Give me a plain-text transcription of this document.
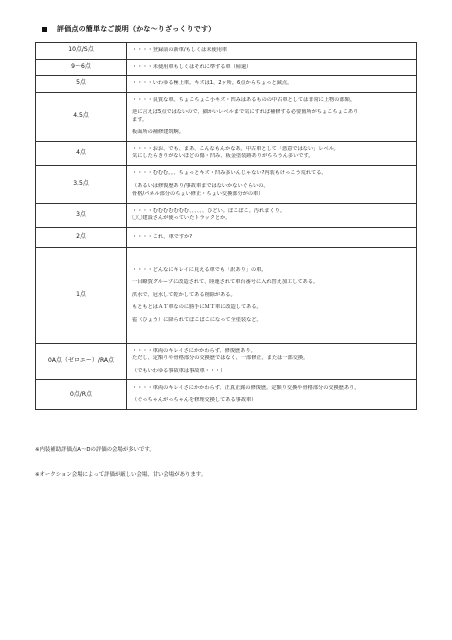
評価点の簡単なご説明（かな〜りざっくりです）
10点/S点	・・・・登録前の新車/もしくは未使用車

9〜6点	・・・・未使用車もしくはそれに準ずる車（帰還）

5点	・・・・いわゆる極上車。キズは1、2ヶ所。6点からちょっと減点。

4.5点	・・・・良質な車。ちょこちょこ小キズ・凹みはあるものの中古車としては非常に上物の部類。
逆に言えば5点ではないので、細かいレベルまで気にすれば補修する必要箇所がちょこちょこあり
ます。
板面所の補修建筑啊。

4点	・・・・おお、でも、まあ、こんなもんかなあ。中古車として「悪意ではない」レベル。
気にしたらきりがないほどの傷・凹み、板金塗装跡ありがちろうん多いです。

3.5点	・・・・むむむ。。、ちょっとキズ・凹み多いんじゃない?内装もけっこう荒れてる。
（あるいは修復歴あり/事故車まではないかないぐらいの、
骨格/パネル部分のちょい修正・ちょい交換部分がの車）

3点	・・・・むむむむむむむ、、、、、、ひどい。ぼこぼこ。汚れまくり。
〇〇建設さんが使っていたトラックとか。

2点	・・・・これ、車ですか?

1点	・・・・どんなにキレイに見える車でも「訳あり」の車。
一目瞭賀グループに改造されて、陸運されて車台番号に入れ替え加工してある。
洪水で、冠水して乾かしてある削除がある。
もともとはＡＴ車なのに勝手にＭＴ車に改造してある。
雹（ひょう）に降られてぼこぼこになって全塗装など。

0A点（ゼロエー）/RA点	・・・・車両のキレイさにかかわらず、修復歴あり。
ただし、定額りや骨格部分の交換歴ではなく、一部修正、または一部交換。
（でもいわゆる事故車は事故車・・・）

0点/R点	・・・・車両のキレイさにかかわらず、正真正銘の修復歴。定額り交換や骨格部分の交換歴あり。
（ぐっちゃんがっちゃんを修理交換してある事故車）
※内装補助評価点A〜Dの評価の会場が多いです。
※オークション会場によって評価が厳しい会場、甘い会場があります。
